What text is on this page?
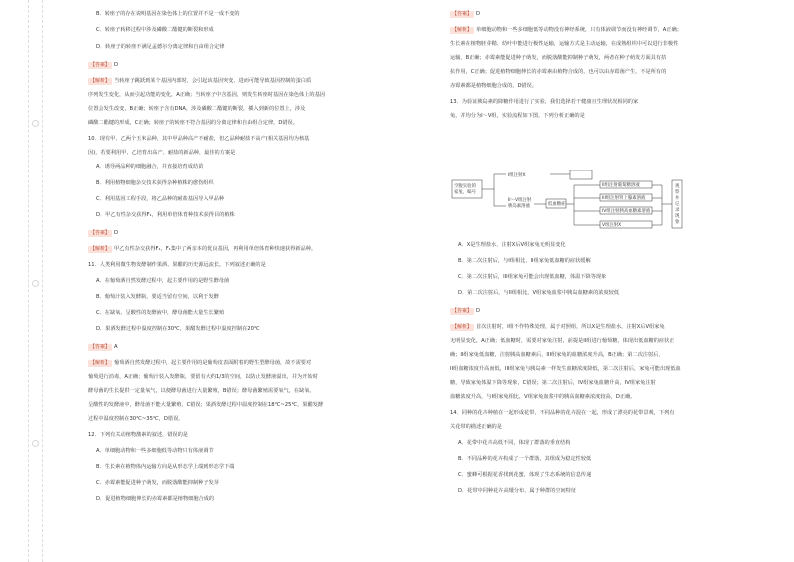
B．转座子的存在说明基因在染色体上的位置并不是一成不变的
C．转座子转移过程中涉及磷酸二酯键的断裂和形成
D．转座子的转座不满足孟德尔分离定律和自由组合定律
【答案】 D
【解析】 当转座子跳跃到某个基因内部时，会引起该基因突变，进而可能导致基因控制的蛋白质
序列发生变化，从而引起功能的变化，A正确；当转座子中含基因，则发生转座时基因在染色体上的基因
位置会发生改变，B正确；转座子含有DNA，涉及磷酸二酯键的断裂，插入到新的位置上，涉及
磷酸二酯键的形成，C正确；转座子的转座不符合基因的分离定律和自由组合定律，D错误。
10．现有甲、乙两个玉米品种，其中甲品种高产不耐盐，但乙品种耐盐不高产(相关基因均为核基
因)，若要利用甲、乙培育出高产、耐盐的新品种，最佳的方案是
A．诱导两品种的细胞融合，并直接培育成幼苗
B．利用植物细胞杂交技术获得杂种植株的愈伤组织
C．利用基因工程手段，将乙品种的耐盐基因导入甲品种
D．甲乙有性杂交获得F₁，利用单倍体育种技术获得目的植株
【答案】 D
【解析】 甲乙有性杂交获得F₁，F₁集中了两亲本的优良基因，再利用单倍体育种快速获得新品种。
11．人类利用微生物发酵制作果酒、果醋的历史源远流长。下列叙述正确的是
A．在葡萄酒自然发酵过程中，起主要作用的是野生酵母菌
B．葡萄汁装入发酵瓶，要适当留有空间，以利于发酵
C．在缺氧、呈酸性的发酵液中，酵母菌能大量生长繁殖
D．果酒发酵过程中温度控制在30℃，果醋发酵过程中温度控制在20℃
【答案】 A
【解析】 葡萄酒自然发酵过程中，起主要作用的是葡萄皮表面附着的野生型酵母菌，故不需要对
葡萄进行消毒，A正确；葡萄汁装入发酵瓶，要留有大约1/3的空间，以防止发酵液溢出，并为开始时
酵母菌的生长提供一定量氧气，以便酵母菌进行大量繁殖，B错误；酵母菌繁殖需要氧气，在缺氧、
呈酸性的发酵液中，酵母菌不能大量繁殖，C错误；果酒发酵过程中温度控制在18℃~25℃，果醋发酵
过程中温度控制在30℃~35℃，D错误。
12．下列有关动植物激素的叙述，错误的是
A．单细胞动物和一些多细胞低等动物只有体液调节
B．生长素在植物体内运输方向是从形态学上端到形态学下端
C．赤霉素能促进种子萌发，而脱落酸能抑制种子发芽
D．促进植物细胞伸长的赤霉素都是植物细胞合成的
空腹实验的
家兔，编号
I组注射X
II～V组注射
胰岛素溶液	低血糖症
II组注射葡萄糖溶液
III组注射肾上腺素溶液
IV组注射胰高血糖素溶液
V组注射X
观察并记录现象
【答案】 D
【解析】 单细胞动物和一些多细胞低等动物没有神经系统，只有体液调节而没有神经调节，A正确；
生长素在植物胚芽鞘、幼叶中能进行极性运输，运输方式是主动运输，在成熟组织中可以进行非极性
运输，B正确；赤霉素能促进种子萌发，而脱落酸能抑制种子萌发，两者在种子萌发方面具有拮
抗作用，C正确；促进植物细胞伸长的赤霉素由植物合成的，也可以由赤霉菌产生，不是所有的
赤霉素都是植物细胞合成的，D错误。
13．为验证胰岛素的降糖作用进行了实验，我们选择若干健康且生理状况相同的家
兔，并均分为I～V组，实验流程如下图，下列分析正确的是
A．X是生理盐水，注射X后V组家兔无明显变化
B．第二次注射后，与I组相比，II组家兔低血糖的症状缓解
C．第二次注射后，III组家兔可能会出现低血糖，体温下降等现象
D．第二次注射后，与II组相比，V组家兔血浆中胰岛血糖素的浓度较低
【答案】 D
【解析】 首次注射时，I组不作特殊处理，属于对照组，所以X是生理盐水，注射X后V组家兔
无明显变化，A正确；低血糖时，需要对家兔注射，前提是II组进行葡萄糖，体现出低血糖的症状正
确；II组家兔低血糖，注射胰高血糖素后，III组家兔的血糖浓度升高，B正确；第二次注射后，
II组血糖浓度升高而低，III组家兔与胰岛素一样发生血糖浓度降低，第二次注射后，家兔可能出现低血
糖，导致家兔体温下降等现象，C错误；第二次注射后，IV组家兔血糖升高，IV组家兔注射
血糖浓度升高，与I组家兔相比，V组家兔血浆中的胰高血糖素浓度较高，D正确。
14．同种的花卉种植在一起形成花带，不同品种的花卉混在一起，形成了漂亮的花带景观，下列有
关花带的描述正确的是
A．花带中花卉高低不同，体现了群落的垂直结构
B．不同品种的花卉构成了一个群落，其组成为稳定性较低
C．蜜蜂可根据花香找到花蜜，体现了生态系统的信息传递
D．花带中同种花卉高矮分布，属于种群的空间特征
